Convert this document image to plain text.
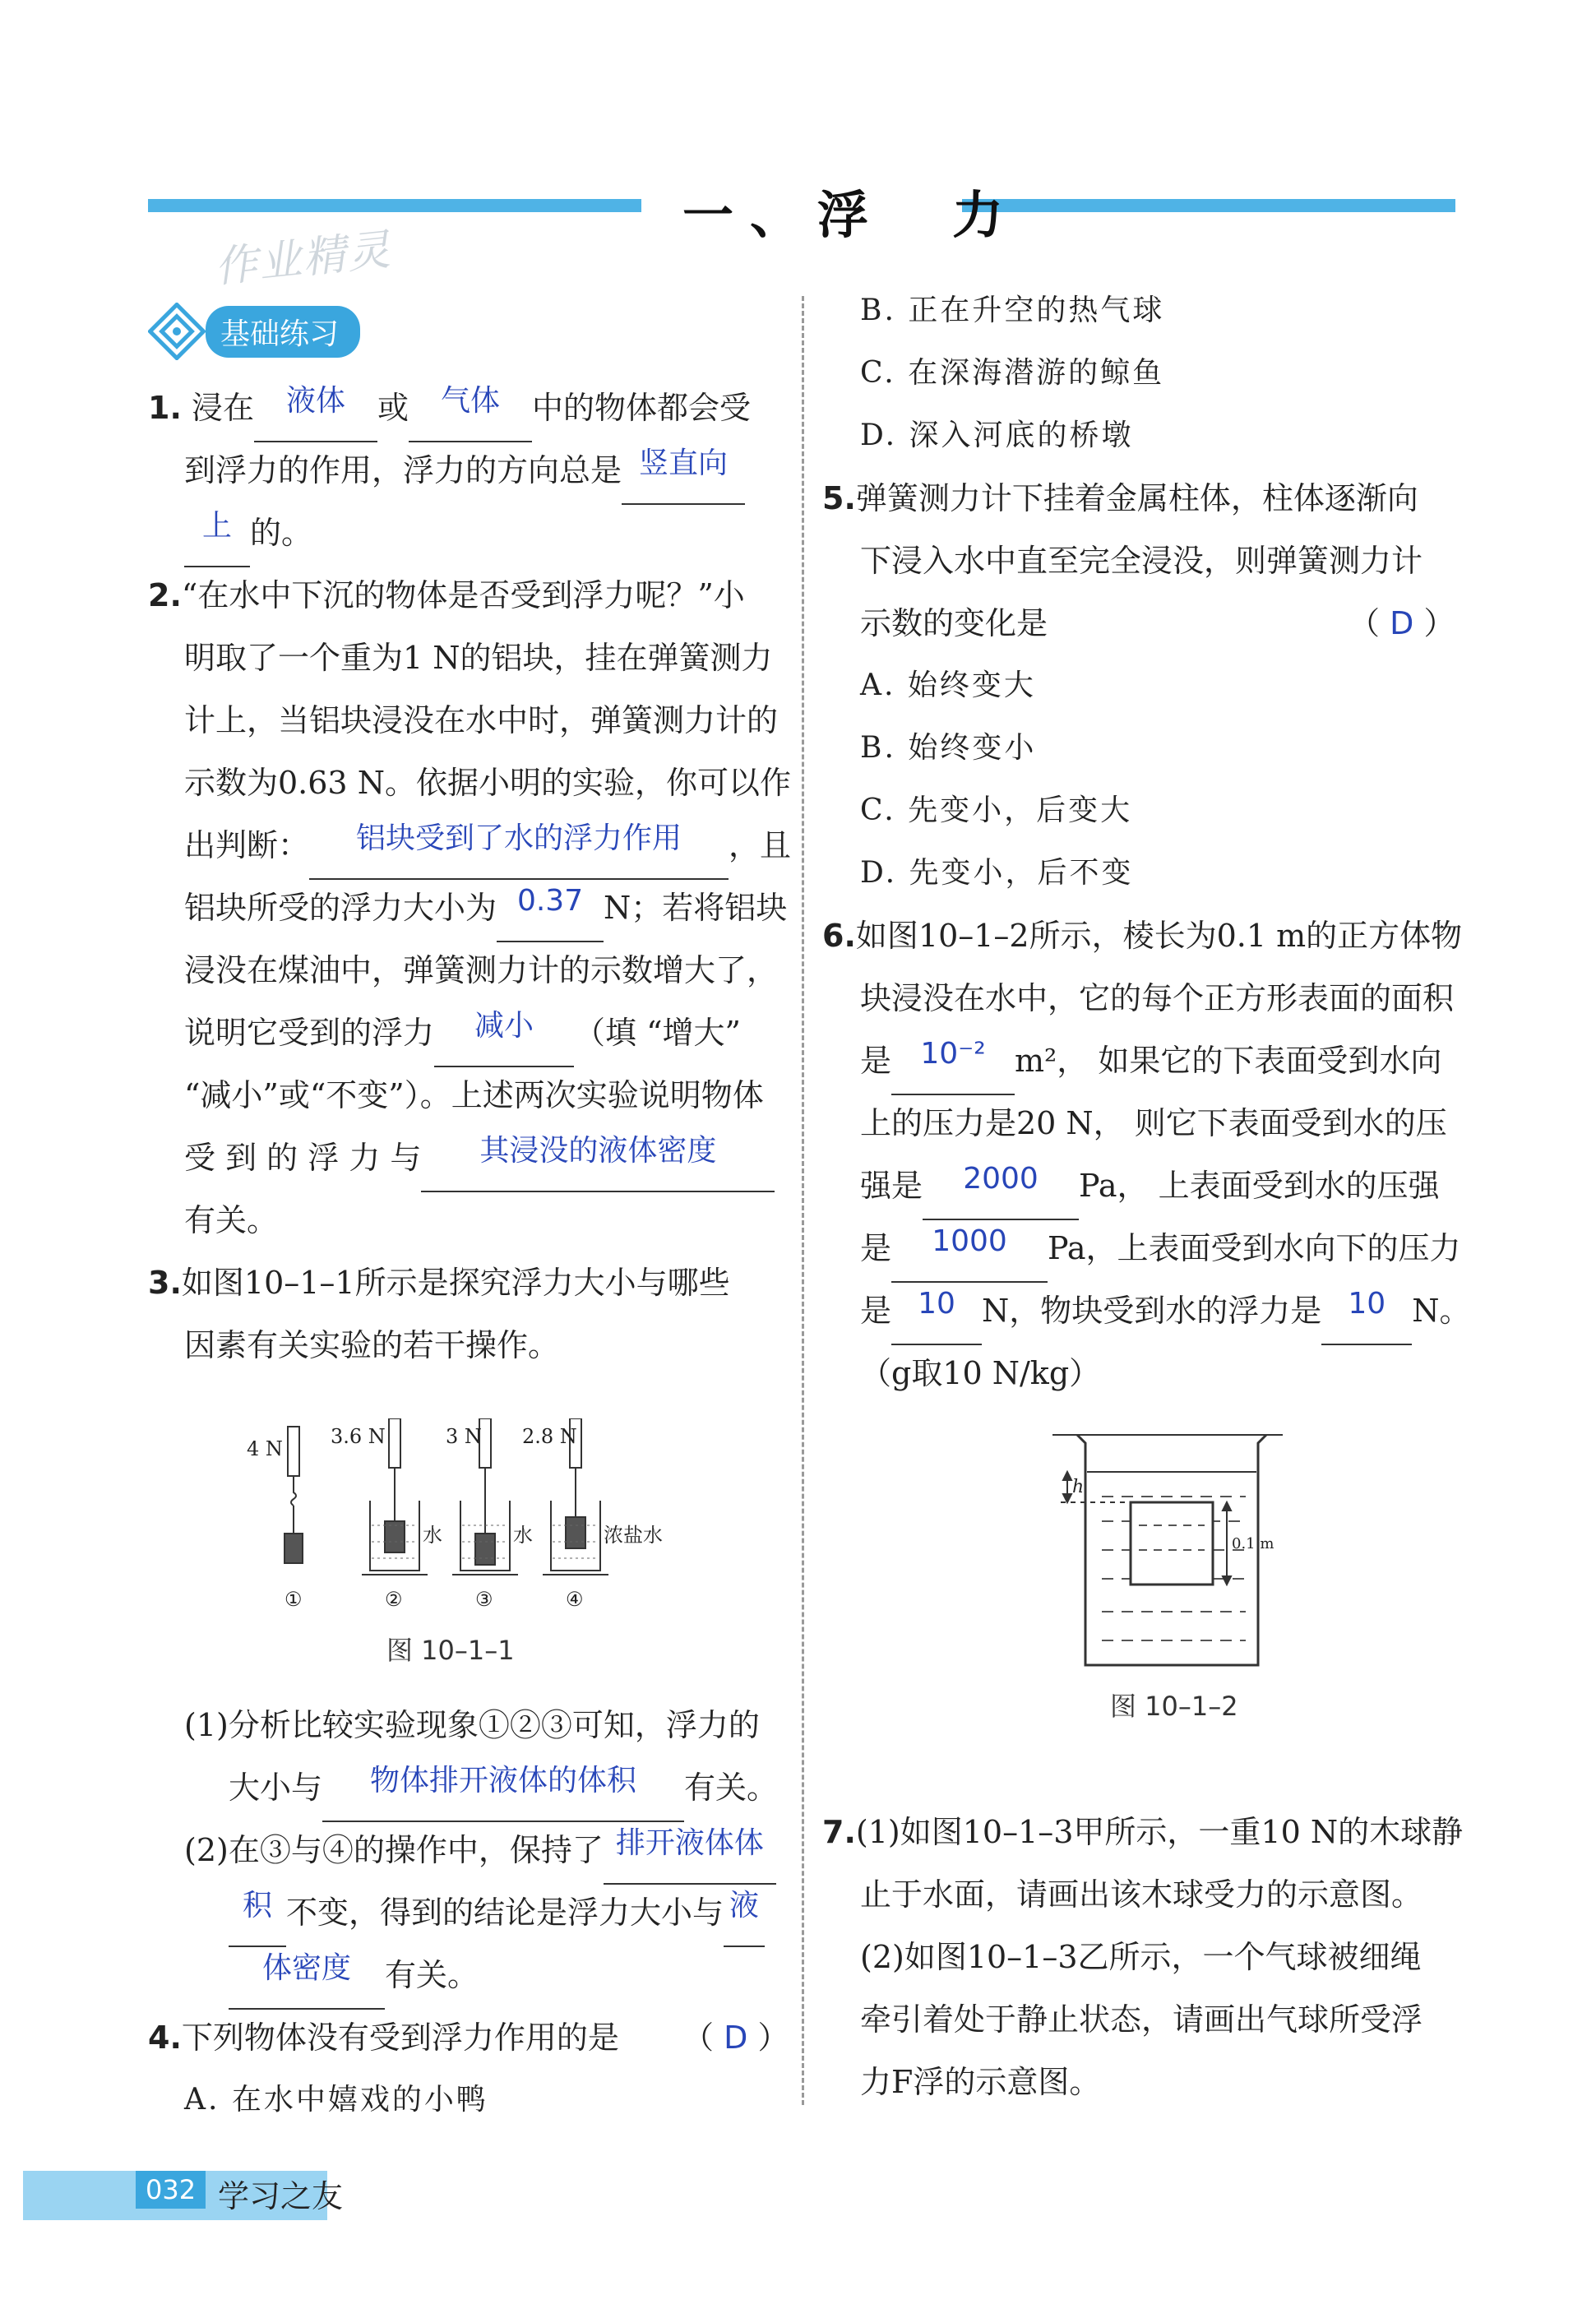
一、浮　力
作业精灵
基础练习
1. 浸在 液体 或 气体 中的物体都会受
到浮力的作用，浮力的方向总是 竖直向
上 的。
2.“在水中下沉的物体是否受到浮力呢？”小
明取了一个重为1 N的铝块，挂在弹簧测力
计上，当铝块浸没在水中时，弹簧测力计的
示数为0.63 N。依据小明的实验，你可以作
出判断： 铝块受到了水的浮力作用 ，且
铝块所受的浮力大小为 0.37 N；若将铝块
浸没在煤油中，弹簧测力计的示数增大了，
说明它受到的浮力 减小 （填 “增大”
“减小”或“不变”）。上述两次实验说明物体
受 到 的 浮 力 与 其浸没的液体密度
有关。
3.如图10–1–1所示是探究浮力大小与哪些
因素有关实验的若干操作。
4 N
3.6 N	3 N 2.8 N
水	水	浓盐水
①	②	③	④
图 10–1–1
(1)分析比较实验现象①②③可知，浮力的
大小与 物体排开液体的体积 有关。
(2)在③与④的操作中，保持了 排开液体体
积 不变，得到的结论是浮力大小与 液
体密度 有关。
4.下列物体没有受到浮力作用的是 （ D ）
A. 在水中嬉戏的小鸭
B. 正在升空的热气球
C. 在深海潜游的鲸鱼
D. 深入河底的桥墩
5.弹簧测力计下挂着金属柱体，柱体逐渐向
下浸入水中直至完全浸没，则弹簧测力计
示数的变化是	（ D ）
A. 始终变大
B. 始终变小
C. 先变小，后变大
D. 先变小，后不变
6.如图10–1–2所示，棱长为0.1 m的正方体物
块浸没在水中，它的每个正方形表面的面积
是 10⁻² m²， 如果它的下表面受到水向
上的压力是20 N， 则它下表面受到水的压
强是 2000 Pa， 上表面受到水的压强
是 1000 Pa，上表面受到水向下的压力
是 10 N，物块受到水的浮力是 10 N。
（g取10 N/kg）
h
0.1 m
图 10–1–2
7.(1)如图10–1–3甲所示，一重10 N的木球静
止于水面，请画出该木球受力的示意图。
(2)如图10–1–3乙所示，一个气球被细绳
牵引着处于静止状态，请画出气球所受浮
力F浮的示意图。
032 学习之友
